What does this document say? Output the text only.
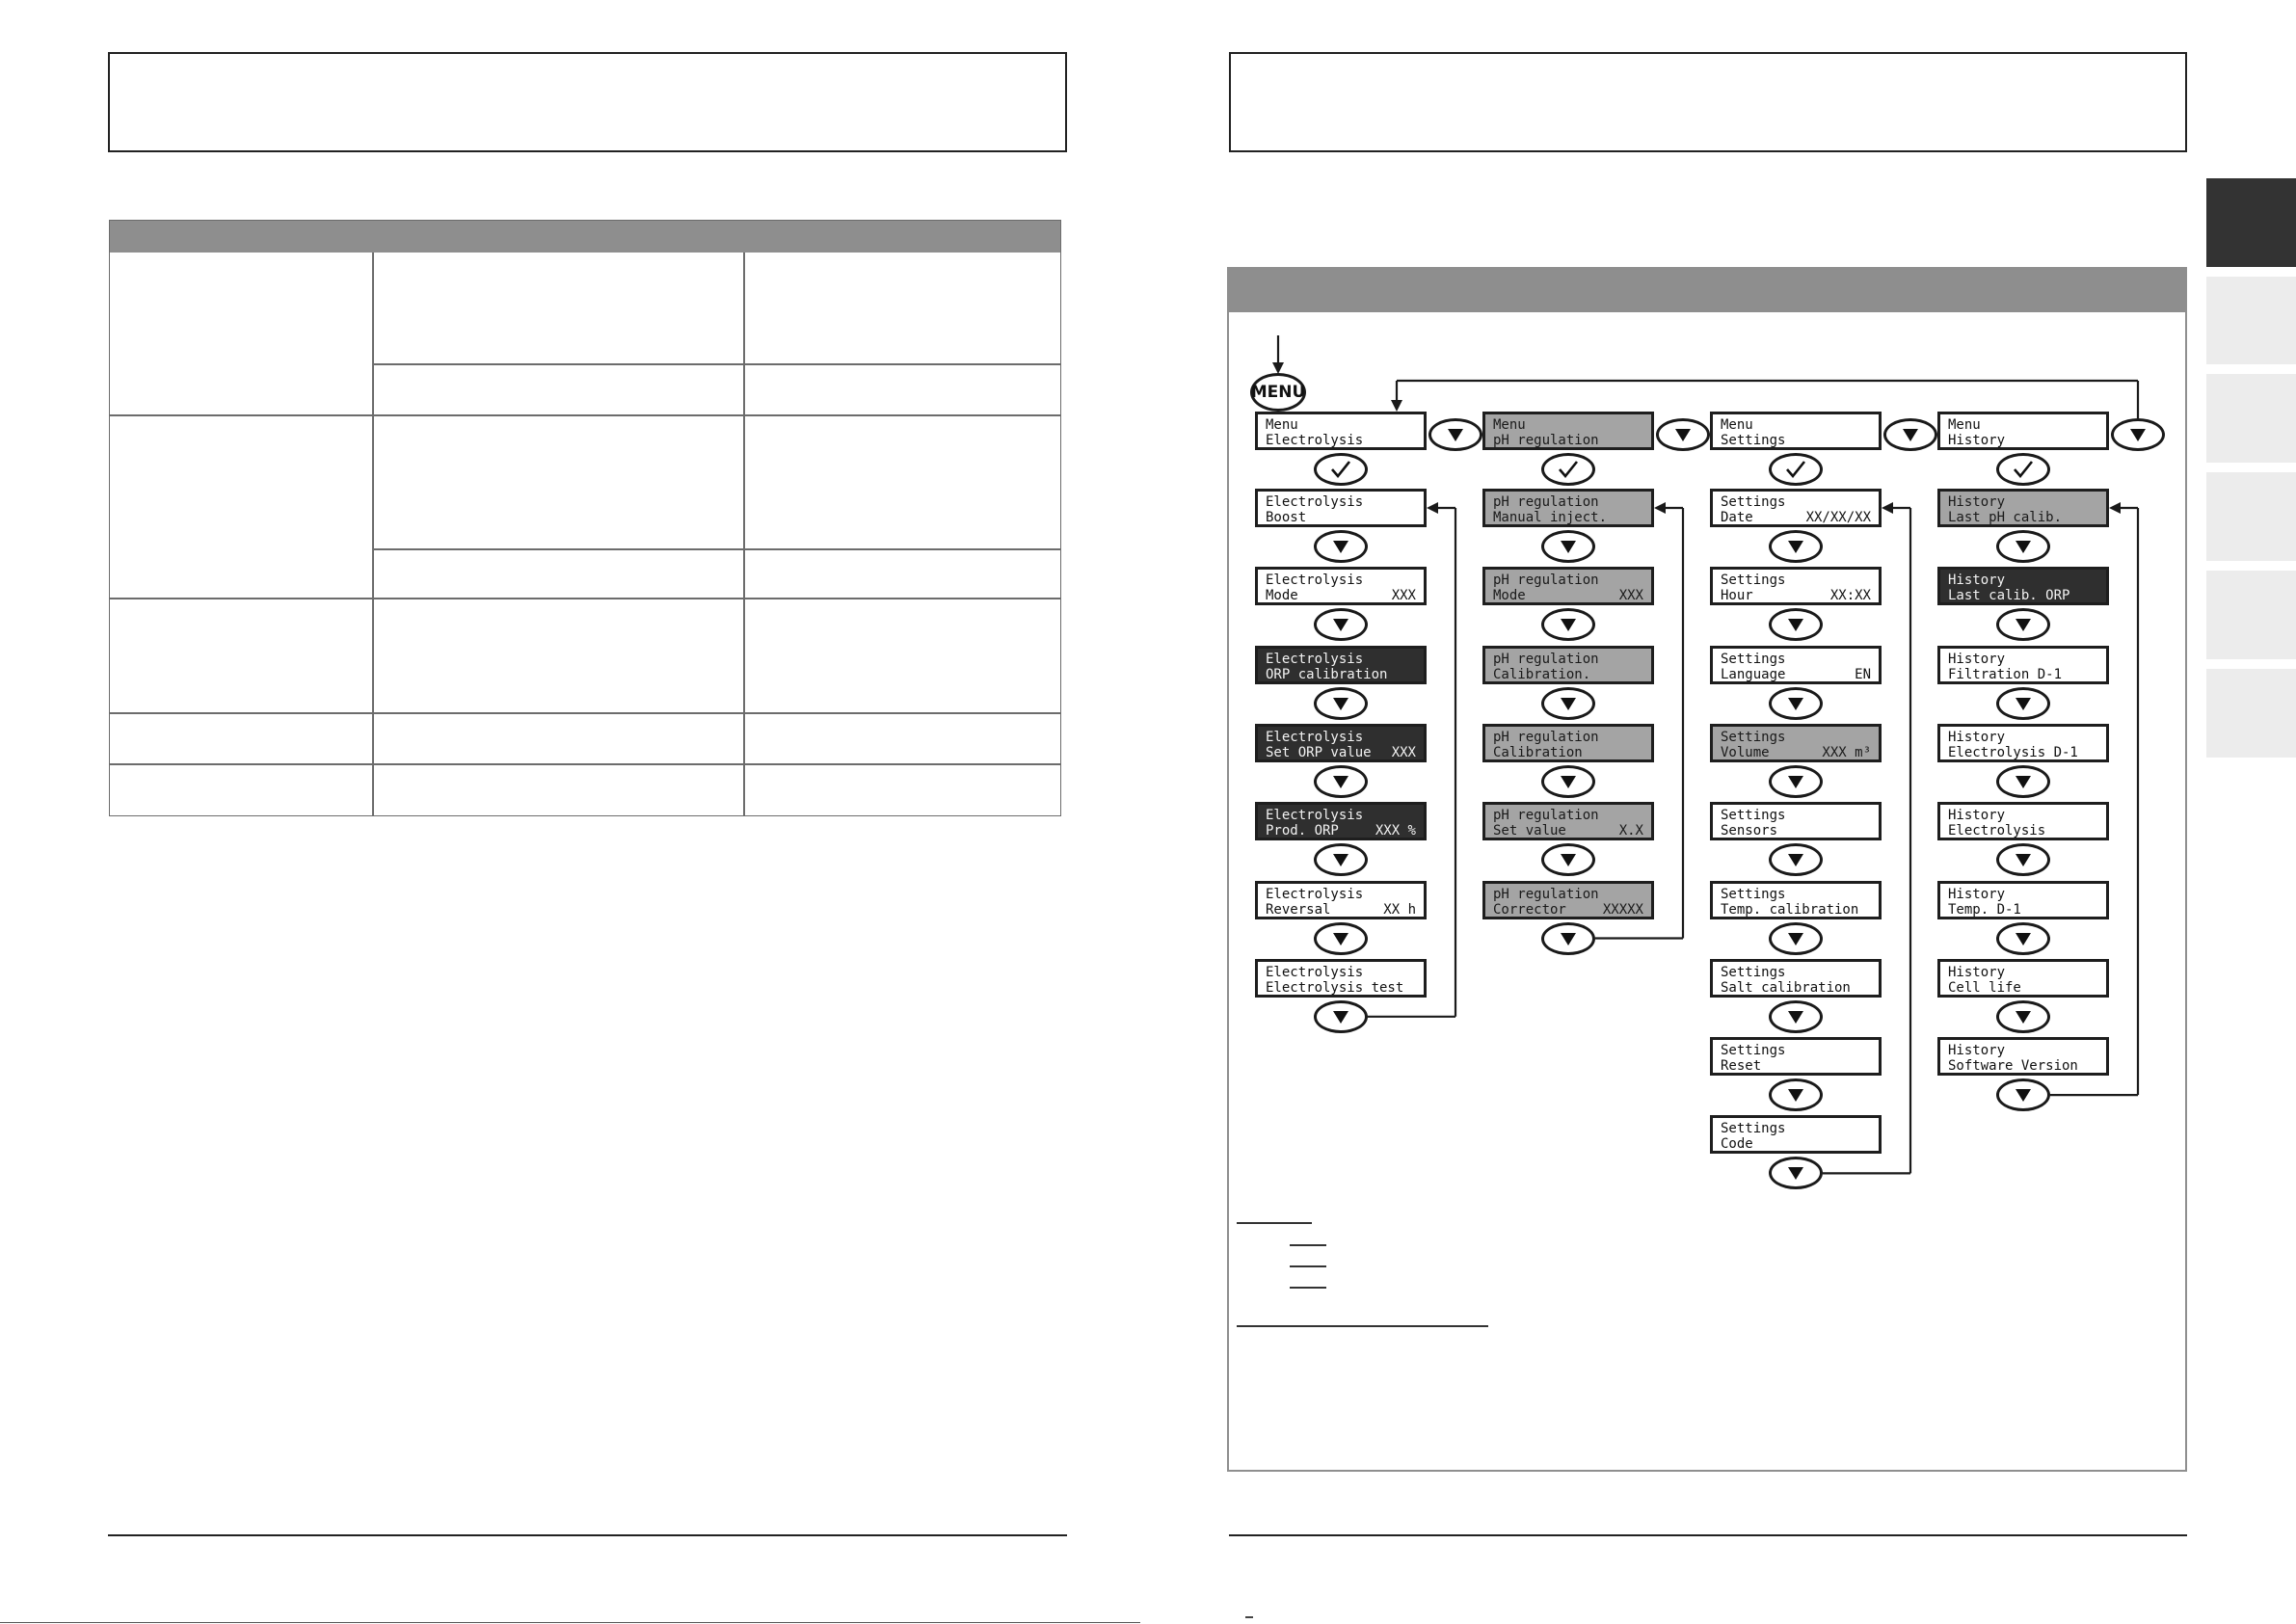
MENU
Menu
Electrolysis
Electrolysis
Boost
Electrolysis
Mode	XXX
Electrolysis
ORP calibration
Electrolysis
Set ORP value XXX
Electrolysis
Prod. ORP	XXX %
Electrolysis
Reversal	XX h
Electrolysis
Electrolysis test
Menu
pH regulation
pH regulation
Manual inject.
pH regulation
Mode	XXX
pH regulation
Calibration.
pH regulation
Calibration
pH regulation
Set value	X.X
pH regulation
Corrector	XXXXX
Menu
Settings
Settings
Date	XX/XX/XX
Settings
Hour	XX:XX
Settings
Language	EN
Settings
Volume	XXX m³
Settings
Sensors
Settings
Temp. calibration
Settings
Salt calibration
Settings
Reset
Settings
Code
Menu
History
History
Last pH calib.
History
Last calib. ORP
History
Filtration D-1
History
Electrolysis D-1
History
Electrolysis
History
Temp. D-1
History
Cell life
History
Software Version
